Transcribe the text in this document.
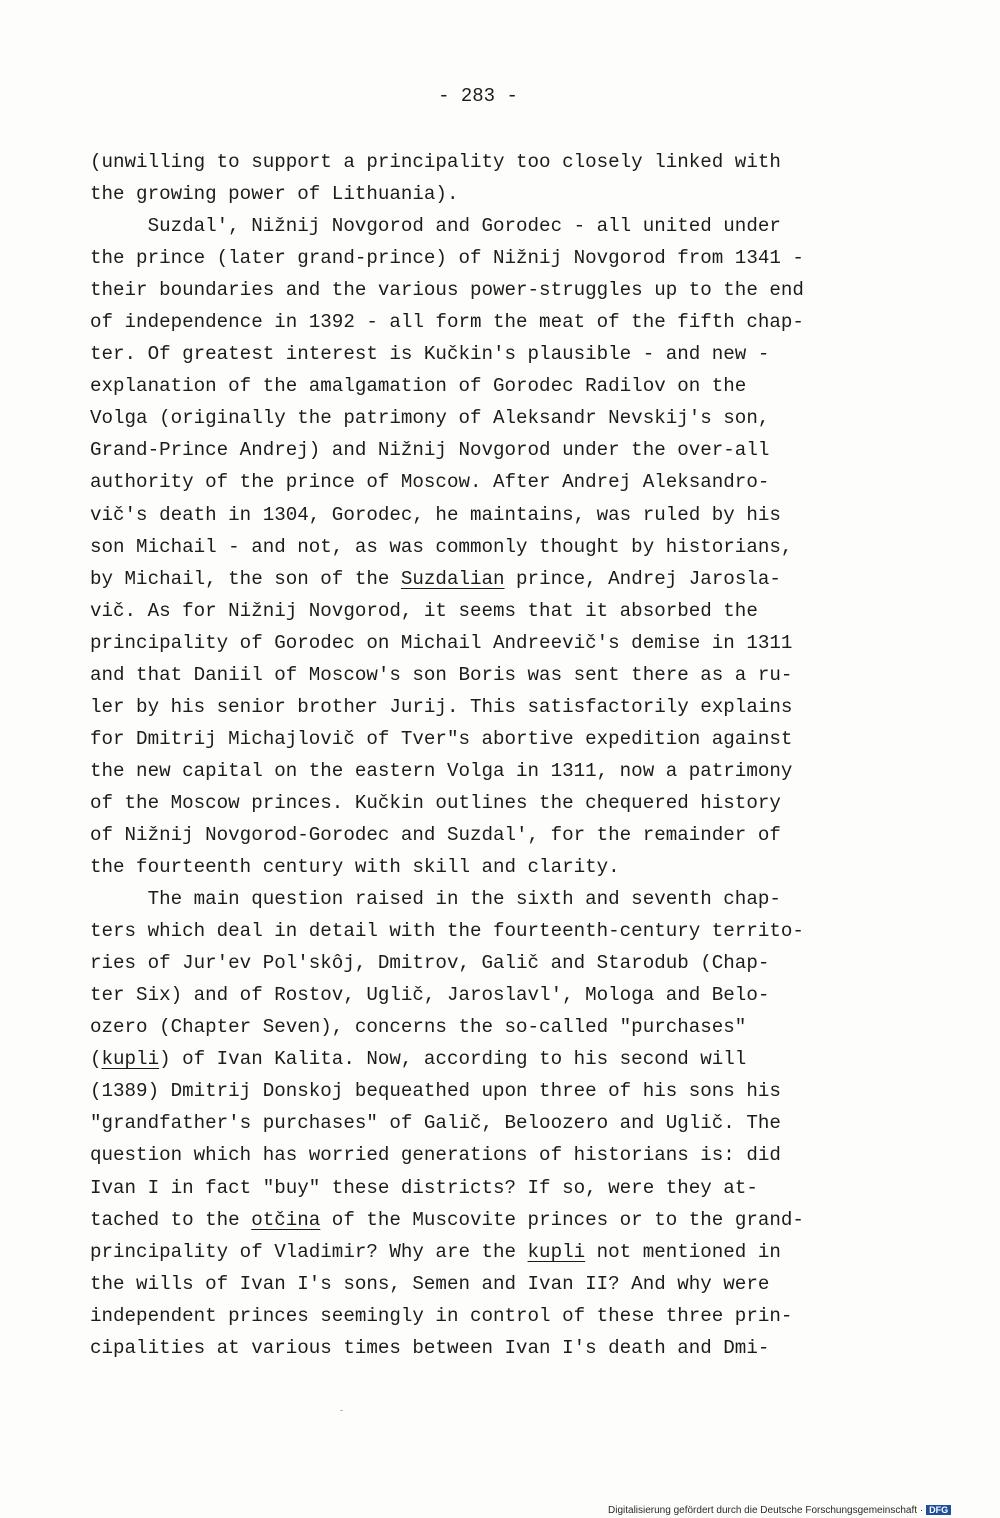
- 283 -
(unwilling to support a principality too closely linked with
the growing power of Lithuania).
Suzdal', Nižnij Novgorod and Gorodec - all united under
the prince (later grand-prince) of Nižnij Novgorod from 1341 -
their boundaries and the various power-struggles up to the end
of independence in 1392 - all form the meat of the fifth chap-
ter. Of greatest interest is Kučkin's plausible - and new -
explanation of the amalgamation of Gorodec Radilov on the
Volga (originally the patrimony of Aleksandr Nevskij's son,
Grand-Prince Andrej) and Nižnij Novgorod under the over-all
authority of the prince of Moscow. After Andrej Aleksandro-
vič's death in 1304, Gorodec, he maintains, was ruled by his
son Michail - and not, as was commonly thought by historians,
by Michail, the son of the Suzdalian prince, Andrej Jarosla-
vič. As for Nižnij Novgorod, it seems that it absorbed the
principality of Gorodec on Michail Andreevič's demise in 1311
and that Daniil of Moscow's son Boris was sent there as a ru-
ler by his senior brother Jurij. This satisfactorily explains
for Dmitrij Michajlovič of Tver"s abortive expedition against
the new capital on the eastern Volga in 1311, now a patrimony
of the Moscow princes. Kučkin outlines the chequered history
of Nižnij Novgorod-Gorodec and Suzdal', for the remainder of
the fourteenth century with skill and clarity.
The main question raised in the sixth and seventh chap-
ters which deal in detail with the fourteenth-century territo-
ries of Jur'ev Pol'skôj, Dmitrov, Galič and Starodub (Chap-
ter Six) and of Rostov, Uglič, Jaroslavl', Mologa and Belo-
ozero (Chapter Seven), concerns the so-called "purchases"
(kupli) of Ivan Kalita. Now, according to his second will
(1389) Dmitrij Donskoj bequeathed upon three of his sons his
"grandfather's purchases" of Galič, Beloozero and Uglič. The
question which has worried generations of historians is: did
Ivan I in fact "buy" these districts? If so, were they at-
tached to the otčina of the Muscovite princes or to the grand-
principality of Vladimir? Why are the kupli not mentioned in
the wills of Ivan I's sons, Semen and Ivan II? And why were
independent princes seemingly in control of these three prin-
cipalities at various times between Ivan I's death and Dmi-
Digitalisierung gefördert durch die Deutsche Forschungsgemeinschaft · DFG
